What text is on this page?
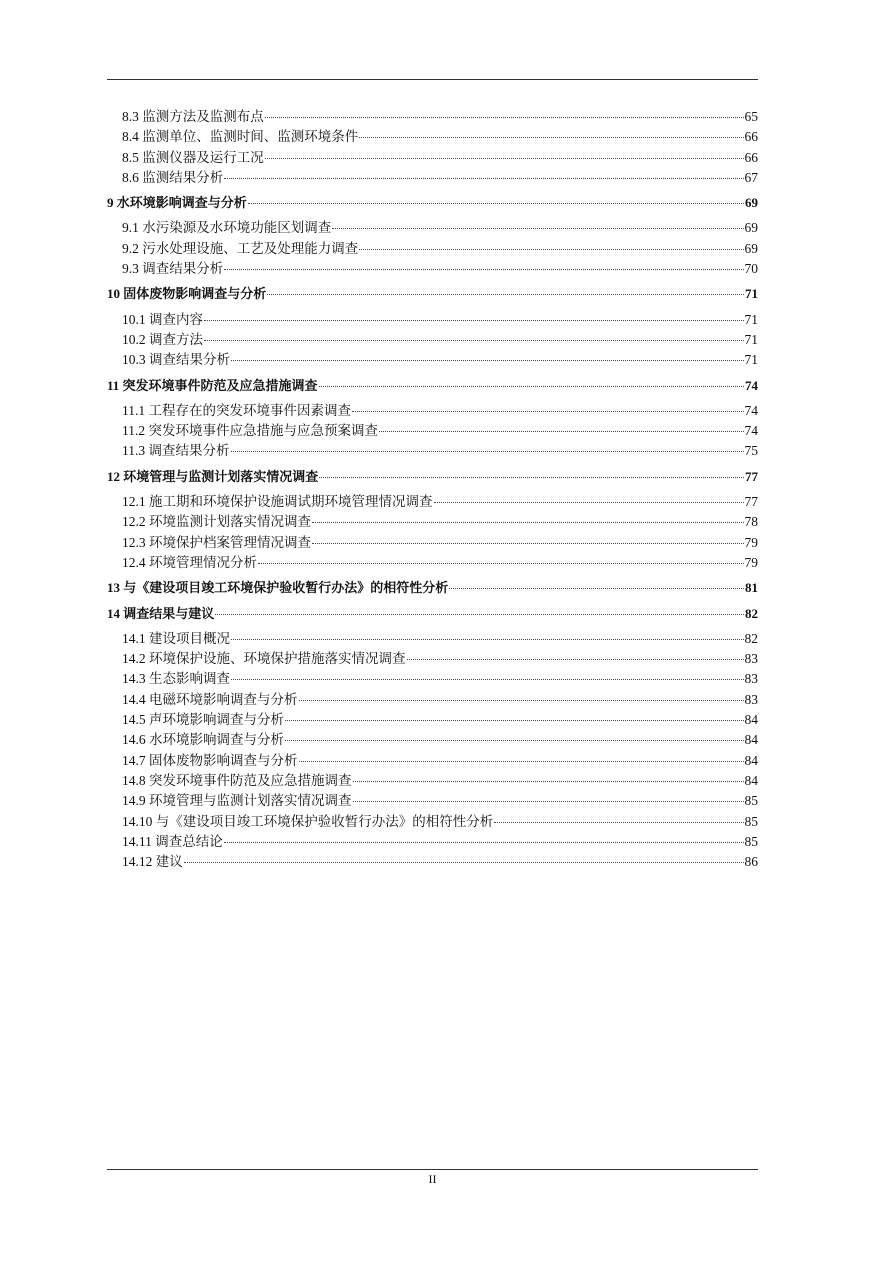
8.3 监测方法及监测布点	65
8.4 监测单位、监测时间、监测环境条件	66
8.5 监测仪器及运行工况	66
8.6 监测结果分析	67
9 水环境影响调查与分析	69
9.1 水污染源及水环境功能区划调查	69
9.2 污水处理设施、工艺及处理能力调查	69
9.3 调查结果分析	70
10 固体废物影响调查与分析	71
10.1 调查内容	71
10.2 调查方法	71
10.3 调查结果分析	71
11 突发环境事件防范及应急措施调查	74
11.1 工程存在的突发环境事件因素调查	74
11.2 突发环境事件应急措施与应急预案调查	74
11.3 调查结果分析	75
12 环境管理与监测计划落实情况调查	77
12.1 施工期和环境保护设施调试期环境管理情况调查	77
12.2 环境监测计划落实情况调查	78
12.3 环境保护档案管理情况调查	79
12.4 环境管理情况分析	79
13 与《建设项目竣工环境保护验收暂行办法》的相符性分析	81
14 调查结果与建议	82
14.1 建设项目概况	82
14.2 环境保护设施、环境保护措施落实情况调查	83
14.3 生态影响调查	83
14.4 电磁环境影响调查与分析	83
14.5 声环境影响调查与分析	84
14.6 水环境影响调查与分析	84
14.7 固体废物影响调查与分析	84
14.8 突发环境事件防范及应急措施调查	84
14.9 环境管理与监测计划落实情况调查	85
14.10 与《建设项目竣工环境保护验收暂行办法》的相符性分析	85
14.11 调查总结论	85
14.12 建议	86
II
